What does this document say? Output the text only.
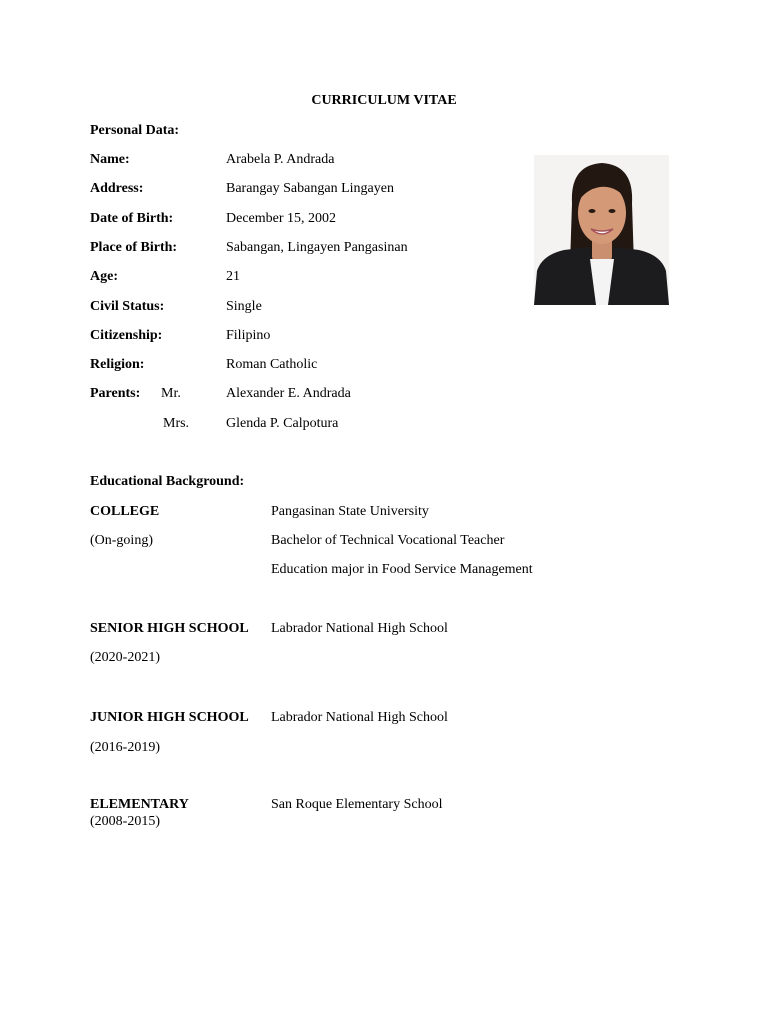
CURRICULUM VITAE
Personal Data:
Name:	Arabela P. Andrada
Address:	Barangay Sabangan Lingayen
Date of Birth:	December 15, 2002
Place of Birth:	Sabangan, Lingayen Pangasinan
Age:	21
Civil Status:	Single
Citizenship:	Filipino
Religion:	Roman Catholic
Parents: Mr.	Alexander E. Andrada
Mrs.	Glenda P. Calpotura
Educational Background:
COLLEGE	Pangasinan State University
(On-going)	Bachelor of Technical Vocational Teacher
Education major in Food Service Management
SENIOR HIGH SCHOOL Labrador National High School
(2020-2021)
JUNIOR HIGH SCHOOL Labrador National High School
(2016-2019)
ELEMENTARY	San Roque Elementary School
(2008-2015)
